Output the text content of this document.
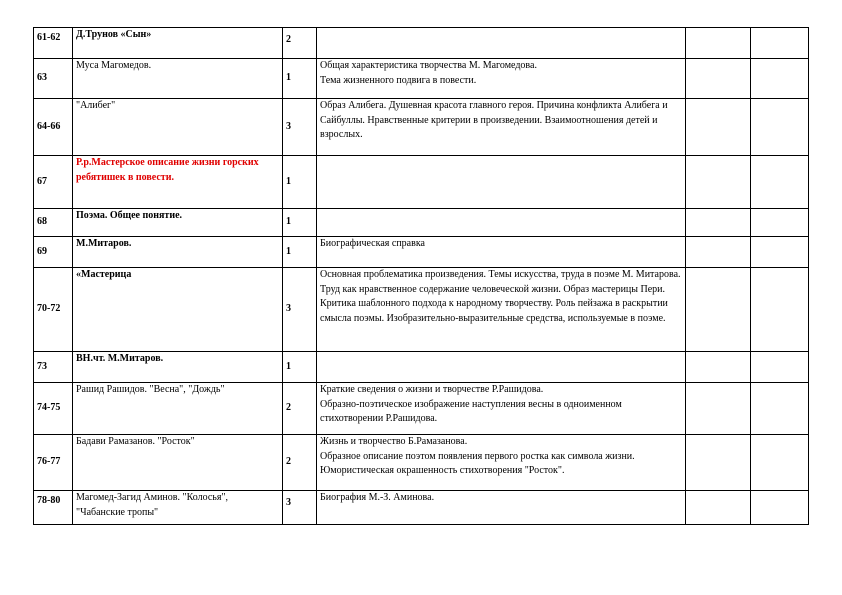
61-62	Д.Трунов «Сын»	2			
63	Муса Магомедов.	1	Общая характеристика творчества М. Магомедова.
Тема жизненного подвига в повести.		
64-66	"Алибег"	3	Образ Алибега. Душевная красота главного героя. Причина конфликта Алибега и Сайбуллы. Нравственные критерии в произведении. Взаимоотношения детей и взрослых.		
67	Р.р.Мастерское описание жизни горских ребятишек в повести.	1			
68	Поэма. Общее понятие.	1			
69	М.Митаров.	1	Биографическая справка		
70-72	«Мастерица	3	Основная проблематика произведения. Темы искусства, труда в поэме М. Митарова. Труд как нравственное содержание человеческой жизни. Образ мастерицы Пери. Критика шаблонного подхода к народному творчеству. Роль пейзажа в раскрытии смысла поэмы. Изобразительно-выразительные средства, используемые в поэме.		
73	ВН.чт. М.Митаров.	1			
74-75	Рашид Рашидов. "Весна", "Дождь"	2	Краткие сведения о жизни и творчестве Р.Рашидова.
Образно-поэтическое изображение наступления весны в одноименном стихотворении Р.Рашидова.		
76-77	Бадави Рамазанов. "Росток"	2	Жизнь и творчество Б.Рамазанова.
Образное описание поэтом появления первого ростка как символа жизни. Юмористическая окрашенность стихотворения "Росток".		
78-80	Магомед-Загид Аминов. "Колосья", "Чабанские тропы"	3	Биография М.-З. Аминова.		
